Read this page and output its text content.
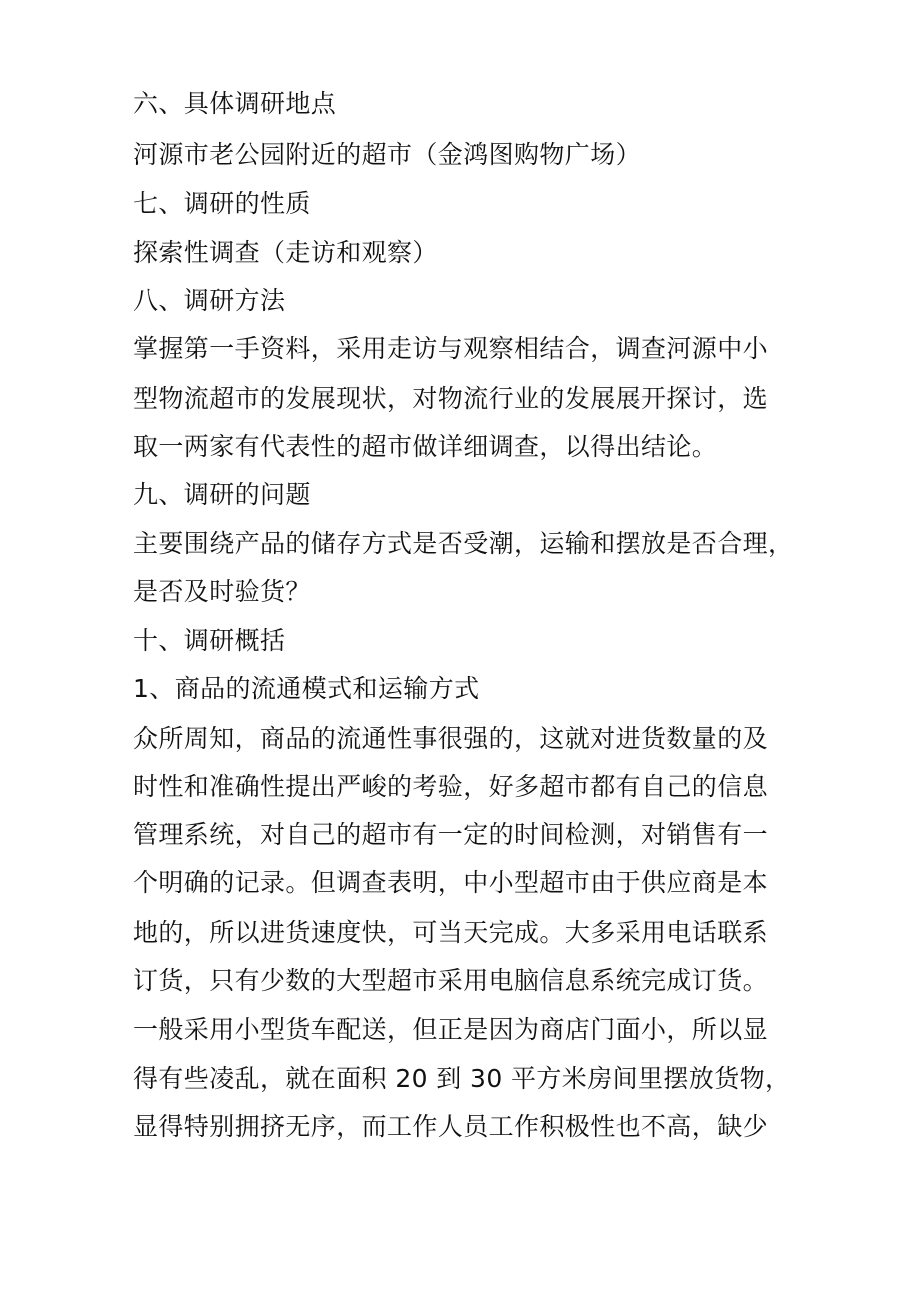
六、具体调研地点
河源市老公园附近的超市（金鸿图购物广场）
七、调研的性质
探索性调查（走访和观察）
八、调研方法
掌握第一手资料，采用走访与观察相结合，调查河源中小
型物流超市的发展现状，对物流行业的发展展开探讨，选
取一两家有代表性的超市做详细调查，以得出结论。
九、调研的问题
主要围绕产品的储存方式是否受潮，运输和摆放是否合理，
是否及时验货？
十、调研概括
1、商品的流通模式和运输方式
众所周知，商品的流通性事很强的，这就对进货数量的及
时性和准确性提出严峻的考验，好多超市都有自己的信息
管理系统，对自己的超市有一定的时间检测，对销售有一
个明确的记录。但调查表明，中小型超市由于供应商是本
地的，所以进货速度快，可当天完成。大多采用电话联系
订货，只有少数的大型超市采用电脑信息系统完成订货。
一般采用小型货车配送，但正是因为商店门面小，所以显
得有些凌乱，就在面积 20 到 30 平方米房间里摆放货物，
显得特别拥挤无序，而工作人员工作积极性也不高，缺少
